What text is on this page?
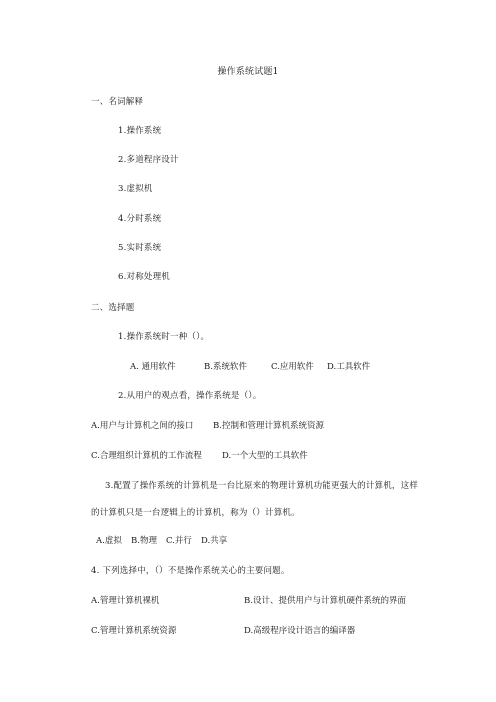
操作系统试题1
一、名词解释
1.操作系统
2.多道程序设计
3.虚拟机
4.分时系统
5.实时系统
6.对称处理机
二、选择题
1.操作系统时一种（）。
A. 通用软件	B.系统软件	C.应用软件 D.工具软件
2.从用户的观点看，操作系统是（）。
A.用户与计算机之间的接口 B.控制和管理计算机系统资源
C.合理组织计算机的工作流程 D.一个大型的工具软件
3.配置了操作系统的计算机是一台比原来的物理计算机功能更强大的计算机，这样
的计算机只是一台逻辑上的计算机，称为（）计算机。
A.虚拟 B.物理 C.并行 D.共享
4. 下列选择中，（）不是操作系统关心的主要问题。
A.管理计算机裸机	B.设计、提供用户与计算机硬件系统的界面
C.管理计算机系统资源	D.高级程序设计语言的编译器
